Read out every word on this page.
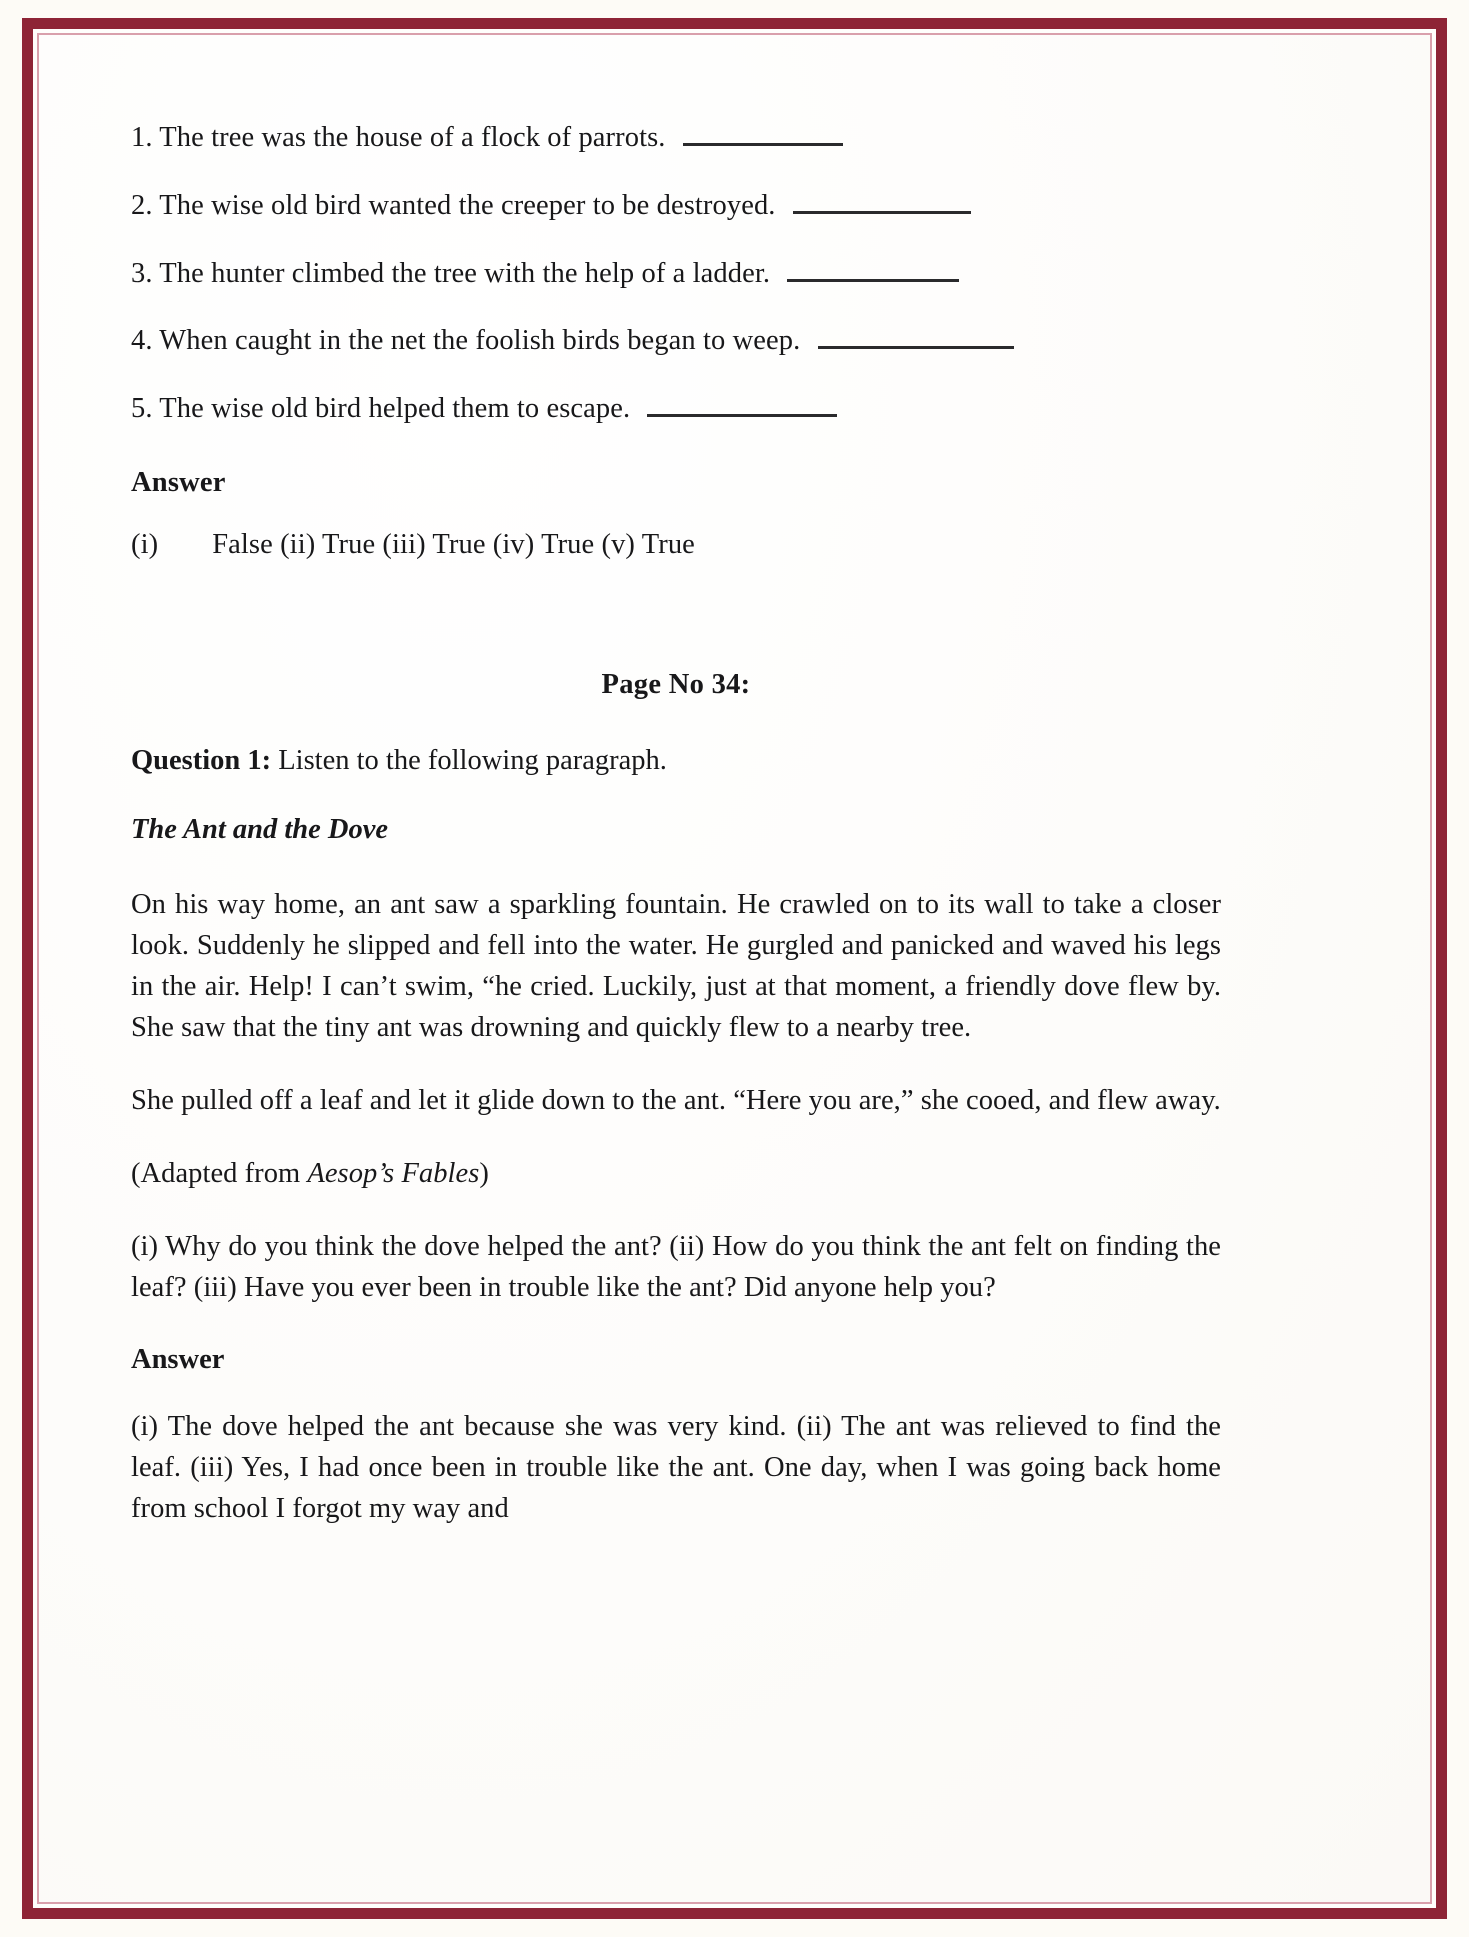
1. The tree was the house of a flock of parrots.

2. The wise old bird wanted the creeper to be destroyed.

3. The hunter climbed the tree with the help of a ladder.

4. When caught in the net the foolish birds began to weep.

5. The wise old bird helped them to escape.

Answer

(i) False (ii) True (iii) True (iv) True (v) True

Page No 34:

Question 1: Listen to the following paragraph.

The Ant and the Dove

On his way home, an ant saw a sparkling fountain. He crawled on to its wall to take a closer look. Suddenly he slipped and fell into the water. He gurgled and panicked and waved his legs in the air. Help! I can’t swim, “he cried. Luckily, just at that moment, a friendly dove flew by. She saw that the tiny ant was drowning and quickly flew to a nearby tree.

She pulled off a leaf and let it glide down to the ant. “Here you are,” she cooed, and flew away.

(Adapted from Aesop’s Fables)

(i) Why do you think the dove helped the ant? (ii) How do you think the ant felt on finding the leaf? (iii) Have you ever been in trouble like the ant? Did anyone help you?

Answer

(i) The dove helped the ant because she was very kind. (ii) The ant was relieved to find the leaf. (iii) Yes, I had once been in trouble like the ant. One day, when I was going back home from school I forgot my way and
